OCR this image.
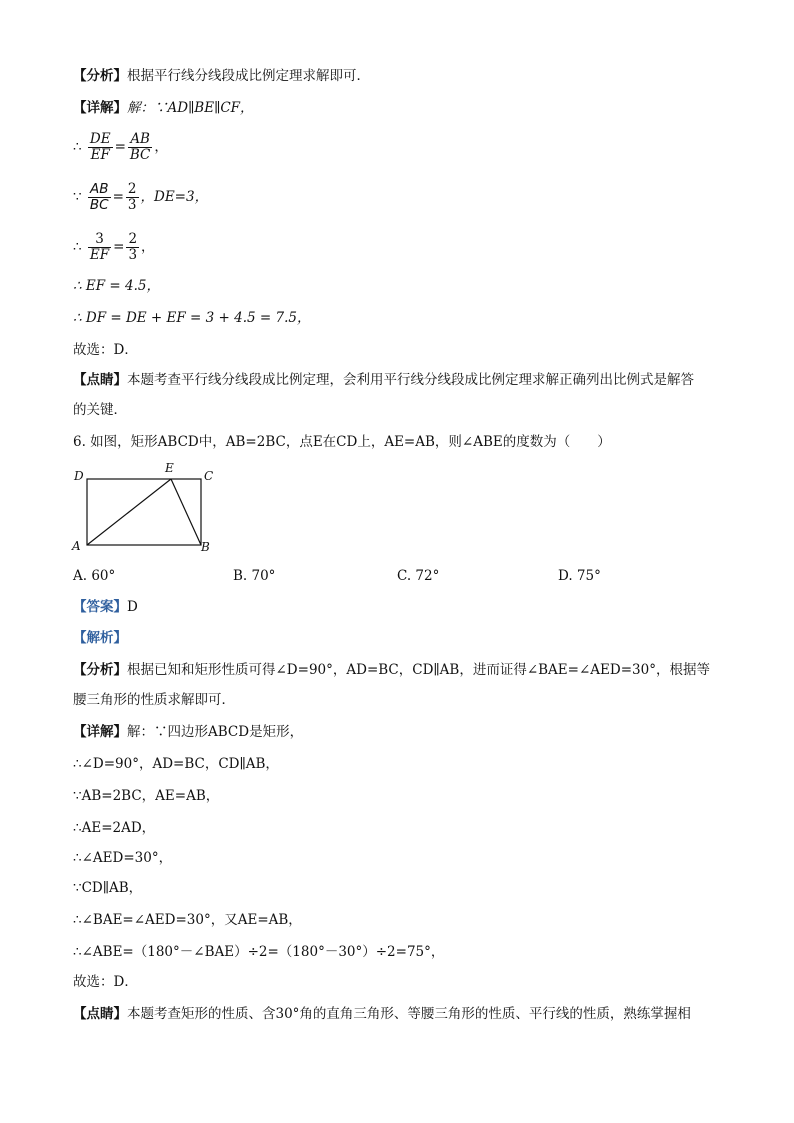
【分析】根据平行线分线段成比例定理求解即可．
【详解】解：∵AD∥BE∥CF，
∴ $\frac{DE}{EF} = \frac{AB}{BC}$ ，
∵ $\frac{AB}{BC} = \frac{2}{3}$ ，DE=3，
∴ $\frac{3}{EF} = \frac{2}{3}$ ，
∴ EF = 4.5，
∴ DF = DE + EF = 3 + 4.5 = 7.5，
故选：D．
【点睛】本题考查平行线分线段成比例定理，会利用平行线分线段成比例定理求解正确列出比例式是解答
的关键．
6. 如图，矩形ABCD中，AB=2BC，点E在CD上，AE=AB，则∠ABE的度数为（　　）
D
E
C
A	B
A. 60°	B. 70°	C. 72°	D. 75°
【答案】D
【解析】
【分析】根据已知和矩形性质可得∠D=90°，AD=BC，CD∥AB，进而证得∠BAE=∠AED=30°，根据等
腰三角形的性质求解即可．
【详解】解：∵四边形ABCD是矩形，
∴∠D=90°，AD=BC，CD∥AB，
∵AB=2BC，AE=AB，
∴AE=2AD，
∴∠AED=30°，
∵CD∥AB，
∴∠BAE=∠AED=30°，又AE=AB，
∴∠ABE=（180°－∠BAE）÷2=（180°－30°）÷2=75°，
故选：D．
【点睛】本题考查矩形的性质、含30°角的直角三角形、等腰三角形的性质、平行线的性质，熟练掌握相
